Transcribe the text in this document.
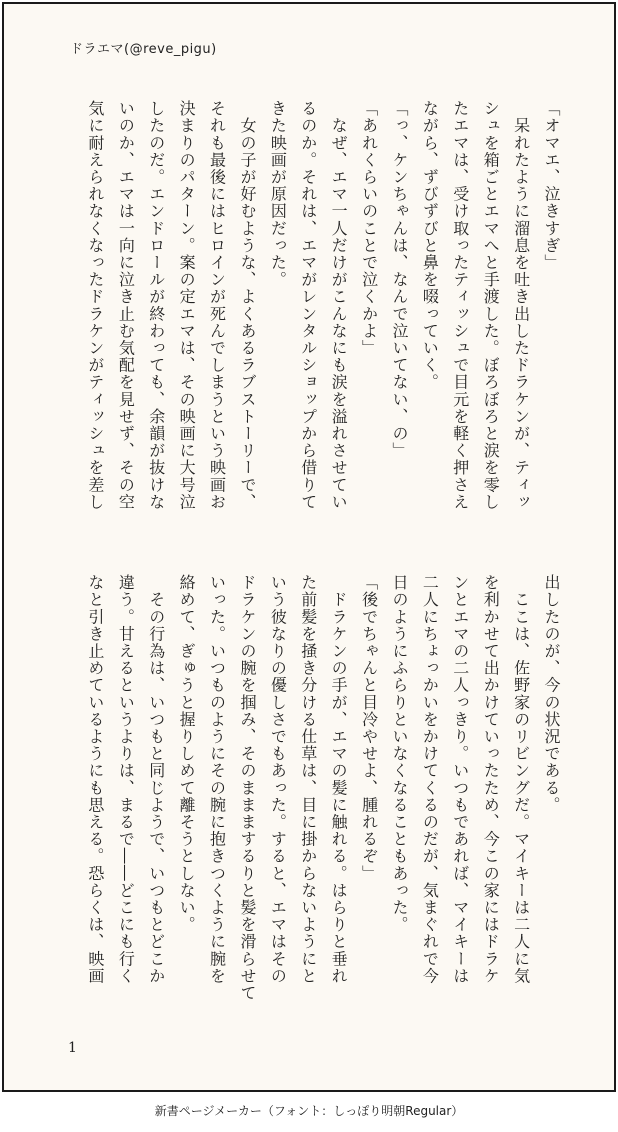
ドラエマ(@reve_pigu)
「オマエ、泣きすぎ」
　呆れたように溜息を吐き出したドラケンが、ティッ
シュを箱ごとエマへと手渡した。ぼろぼろと涙を零し
たエマは、受け取ったティッシュで目元を軽く押さえ
ながら、ずびずびと鼻を啜っていく。
「っ、ケンちゃんは、なんで泣いてない、の」
「あれくらいのことで泣くかよ」
　なぜ、エマ一人だけがこんなにも涙を溢れさせてい
るのか。それは、エマがレンタルショップから借りて
きた映画が原因だった。
　女の子が好むような、よくあるラブストーリーで、
それも最後にはヒロインが死んでしまうという映画お
決まりのパターン。案の定エマは、その映画に大号泣
したのだ。エンドロールが終わっても、余韻が抜けな
いのか、エマは一向に泣き止む気配を見せず、その空
気に耐えられなくなったドラケンがティッシュを差し
出したのが、今の状況である。
　ここは、佐野家のリビングだ。マイキーは二人に気
を利かせて出かけていったため、今この家にはドラケ
ンとエマの二人っきり。いつもであれば、マイキーは
二人にちょっかいをかけてくるのだが、気まぐれで今
日のようにふらりといなくなることもあった。
「後でちゃんと目冷やせよ、腫れるぞ」
　ドラケンの手が、エマの髪に触れる。はらりと垂れ
た前髪を掻き分ける仕草は、目に掛からないようにと
いう彼なりの優しさでもあった。すると、エマはその
ドラケンの腕を掴み、そのまままするりと髪を滑らせて
いった。いつものようにその腕に抱きつくように腕を
絡めて、ぎゅうと握りしめて離そうとしない。
　その行為は、いつもと同じようで、いつもとどこか
違う。甘えるというよりは、まるで――どこにも行く
なと引き止めているようにも思える。恐らくは、映画
1
新書ページメーカー（フォント：しっぽり明朝Regular）
